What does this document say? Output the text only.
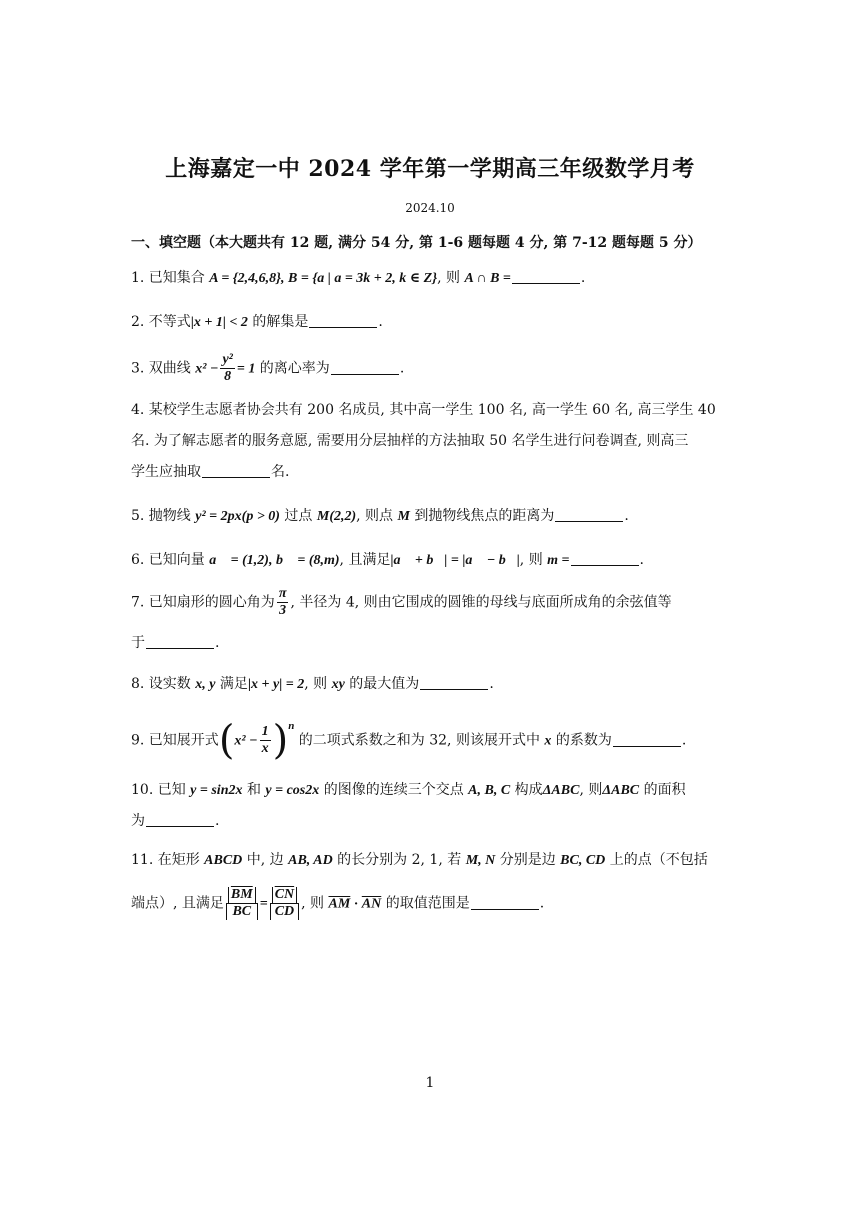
上海嘉定一中 2024 学年第一学期高三年级数学月考
2024.10
一、填空题（本大题共有 12 题, 满分 54 分, 第 1-6 题每题 4 分, 第 7-12 题每题 5 分）
1. 已知集合 A = {2,4,6,8}, B = {a | a = 3k + 2, k ∈ Z}, 则 A ∩ B =	.
2. 不等式|x + 1| < 2 的解集是	.
3. 双曲线 $x^2 - \frac{\text{y²}}{8} = 1$ 的离心率为	.
4. 某校学生志愿者协会共有 200 名成员, 其中高一学生 100 名, 高一学生 60 名, 高三学生 40
名. 为了解志愿者的服务意愿, 需要用分层抽样的方法抽取 50 名学生进行问卷调查, 则高三
学生应抽取	名.
5. 抛物线 y² = 2px(p > 0) 过点 M(2,2), 则点 M 到抛物线焦点的距离为	.
6. 已知向量 a⃗ = (1,2), b⃗ = (8,m), 且满足|a⃗ + b⃗| = |a⃗ − b⃗|, 则 m =	.
7. 已知扇形的圆心角为 $\frac{\pi}{3}$ , 半径为 4, 则由它围成的圆锥的母线与底面所成角的余弦值等
于	.
8. 设实数 x, y 满足|x + y| = 2, 则 xy 的最大值为	.
9. 已知展开式$(x^2 - \frac{1}{x} )^n$ 的二项式系数之和为 32, 则该展开式中 x 的系数为	.
10. 已知 y = sin2x 和 y = cos2x 的图像的连续三个交点 A, B, C 构成ΔABC, 则ΔABC 的面积
为	.
11. 在矩形 ABCD 中, 边 AB, AD 的长分别为 2, 1, 若 M, N 分别是边 BC, CD 上的点（不包括
端点）, 且满足 $\frac{\overline{BM}}{BC} = \frac{\overline{CN}}{CD}$ , 则 $\overline{AM} \cdot \overline{AN}$ 的取值范围是	.
1
